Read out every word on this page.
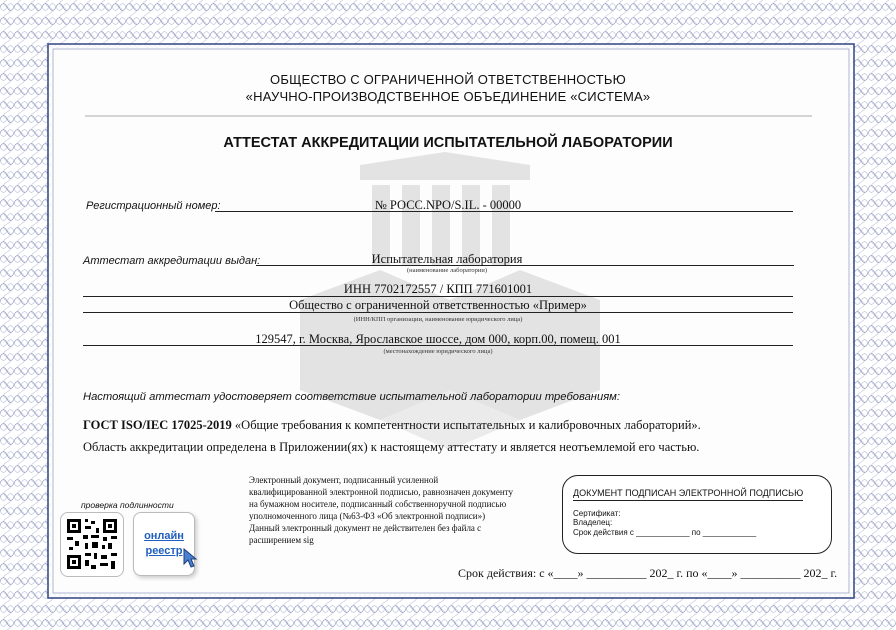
ОБЩЕСТВО С ОГРАНИЧЕННОЙ ОТВЕТСТВЕННОСТЬЮ
«НАУЧНО-ПРОИЗВОДСТВЕННОЕ ОБЪЕДИНЕНИЕ «СИСТЕМА»
АТТЕСТАТ АККРЕДИТАЦИИ ИСПЫТАТЕЛЬНОЙ ЛАБОРАТОРИИ
Регистрационный номер:	№ РОСС.NPO/S.IL. - 00000
Аттестат аккредитации выдан:	Испытательная лаборатория
(наименование лаборатории)
ИНН 7702172557 / КПП 771601001
Общество с ограниченной ответственностью «Пример»
(ИНН/КПП организации, наименование юридического лица)
129547, г. Москва, Ярославское шоссе, дом 000, корп.00, помещ. 001
(местонахождение юридического лица)
Настоящий аттестат удостоверяет соответствие испытательной лаборатории требованиям:
ГОСТ ISO/IEC 17025-2019 «Общие требования к компетентности испытательных и калибровочных лабораторий».
Область аккредитации определена в Приложении(ях) к настоящему аттестату и является неотъемлемой его частью.
Электронный документ, подписанный усиленной
квалифицированной электронной подписью, равнозначен документу
на бумажном носителе, подписанный собственноручной подписью
уполномоченного лица (№63-ФЗ «Об электронной подписи»)
Данный электронный документ не действителен без файла с
расширением sig
проверка подлинности
онлайн
реестр
ДОКУМЕНТ ПОДПИСАН ЭЛЕКТРОННОЙ ПОДПИСЬЮ
Сертификат:
Владелец:
Срок действия с ____________ по ____________
Срок действия: с «____» __________ 202_ г. по «____» __________ 202_ г.
